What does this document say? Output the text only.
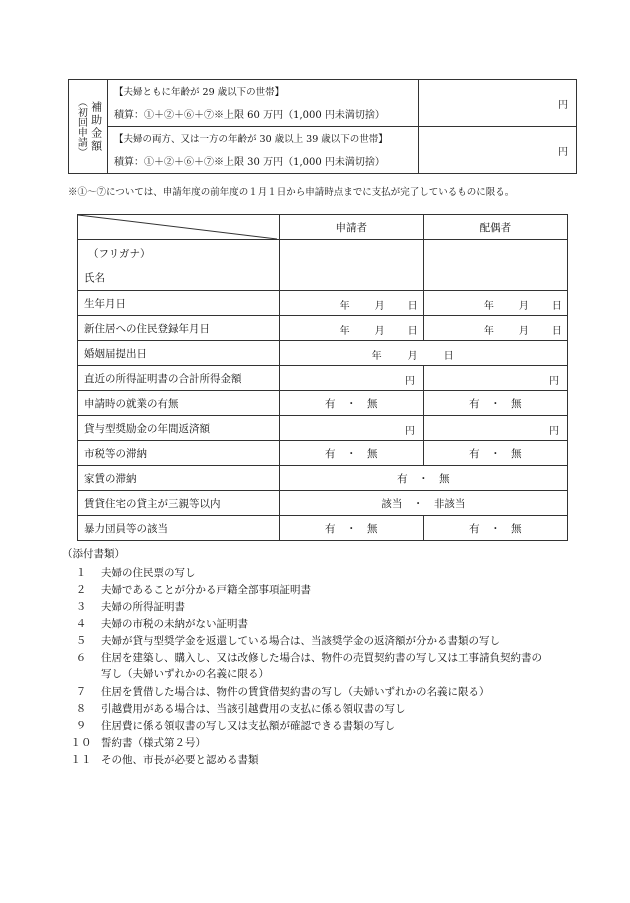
（初回申請） 補助金額	【夫婦ともに年齢が 29 歳以下の世帯】
積算：①＋②＋⑥＋⑦※上限 60 万円（1,000 円未満切捨）	円

	【夫婦の両方、又は一方の年齢が 30 歳以上 39 歳以下の世帯】
積算：①＋②＋⑥＋⑦※上限 30 万円（1,000 円未満切捨）	円
※①〜⑦については、申請年度の前年度の１月１日から申請時点までに支払が完了しているものに限る。
	申請者	配偶者

（フリガナ）
氏名		

生年月日	年 月 日	年 月 日

新住居への住民登録年月日	年 月 日	年 月 日

婚姻届提出日	年 月 日	

直近の所得証明書の合計所得金額	円	円

申請時の就業の有無	有　・　無	有　・　無
貸与型奨励金の年間返済額	円	円

市税等の滞納	有　・　無	有　・　無
家賃の滞納	有　・　無	
賃貸住宅の貸主が三親等以内	該当　・　非該当	
暴力団員等の該当	有　・　無	有　・　無
（添付書類）
１	夫婦の住民票の写し
２	夫婦であることが分かる戸籍全部事項証明書
３	夫婦の所得証明書
４	夫婦の市税の未納がない証明書
５	夫婦が貸与型奨学金を返還している場合は、当該奨学金の返済額が分かる書類の写し
６	住居を建築し、購入し、又は改修した場合は、物件の売買契約書の写し又は工事請負契約書の
写し（夫婦いずれかの名義に限る）
７	住居を賃借した場合は、物件の賃貸借契約書の写し（夫婦いずれかの名義に限る）
８	引越費用がある場合は、当該引越費用の支払に係る領収書の写し
９	住居費に係る領収書の写し又は支払額が確認できる書類の写し
１０ 誓約書（様式第２号）
１１ その他、市長が必要と認める書類
